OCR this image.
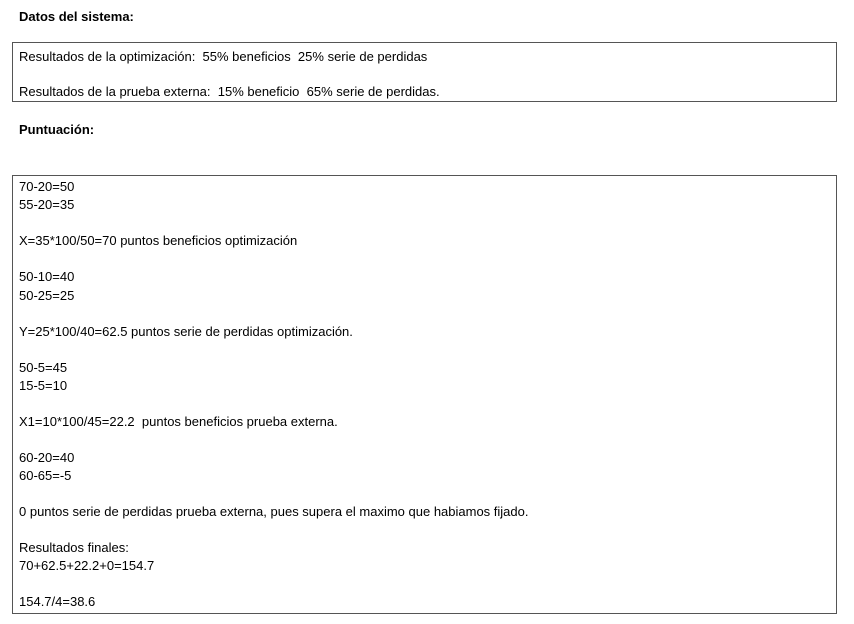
Datos del sistema:
Resultados de la optimización:  55% beneficios  25% serie de perdidas
Resultados de la prueba externa:  15% beneficio  65% serie de perdidas.
Puntuación:
70-20=50
55-20=35
X=35*100/50=70 puntos beneficios optimización
50-10=40
50-25=25
Y=25*100/40=62.5 puntos serie de perdidas optimización.
50-5=45
15-5=10
X1=10*100/45=22.2  puntos beneficios prueba externa.
60-20=40
60-65=-5
0 puntos serie de perdidas prueba externa, pues supera el maximo que habiamos fijado.
Resultados finales:
70+62.5+22.2+0=154.7
154.7/4=38.6
